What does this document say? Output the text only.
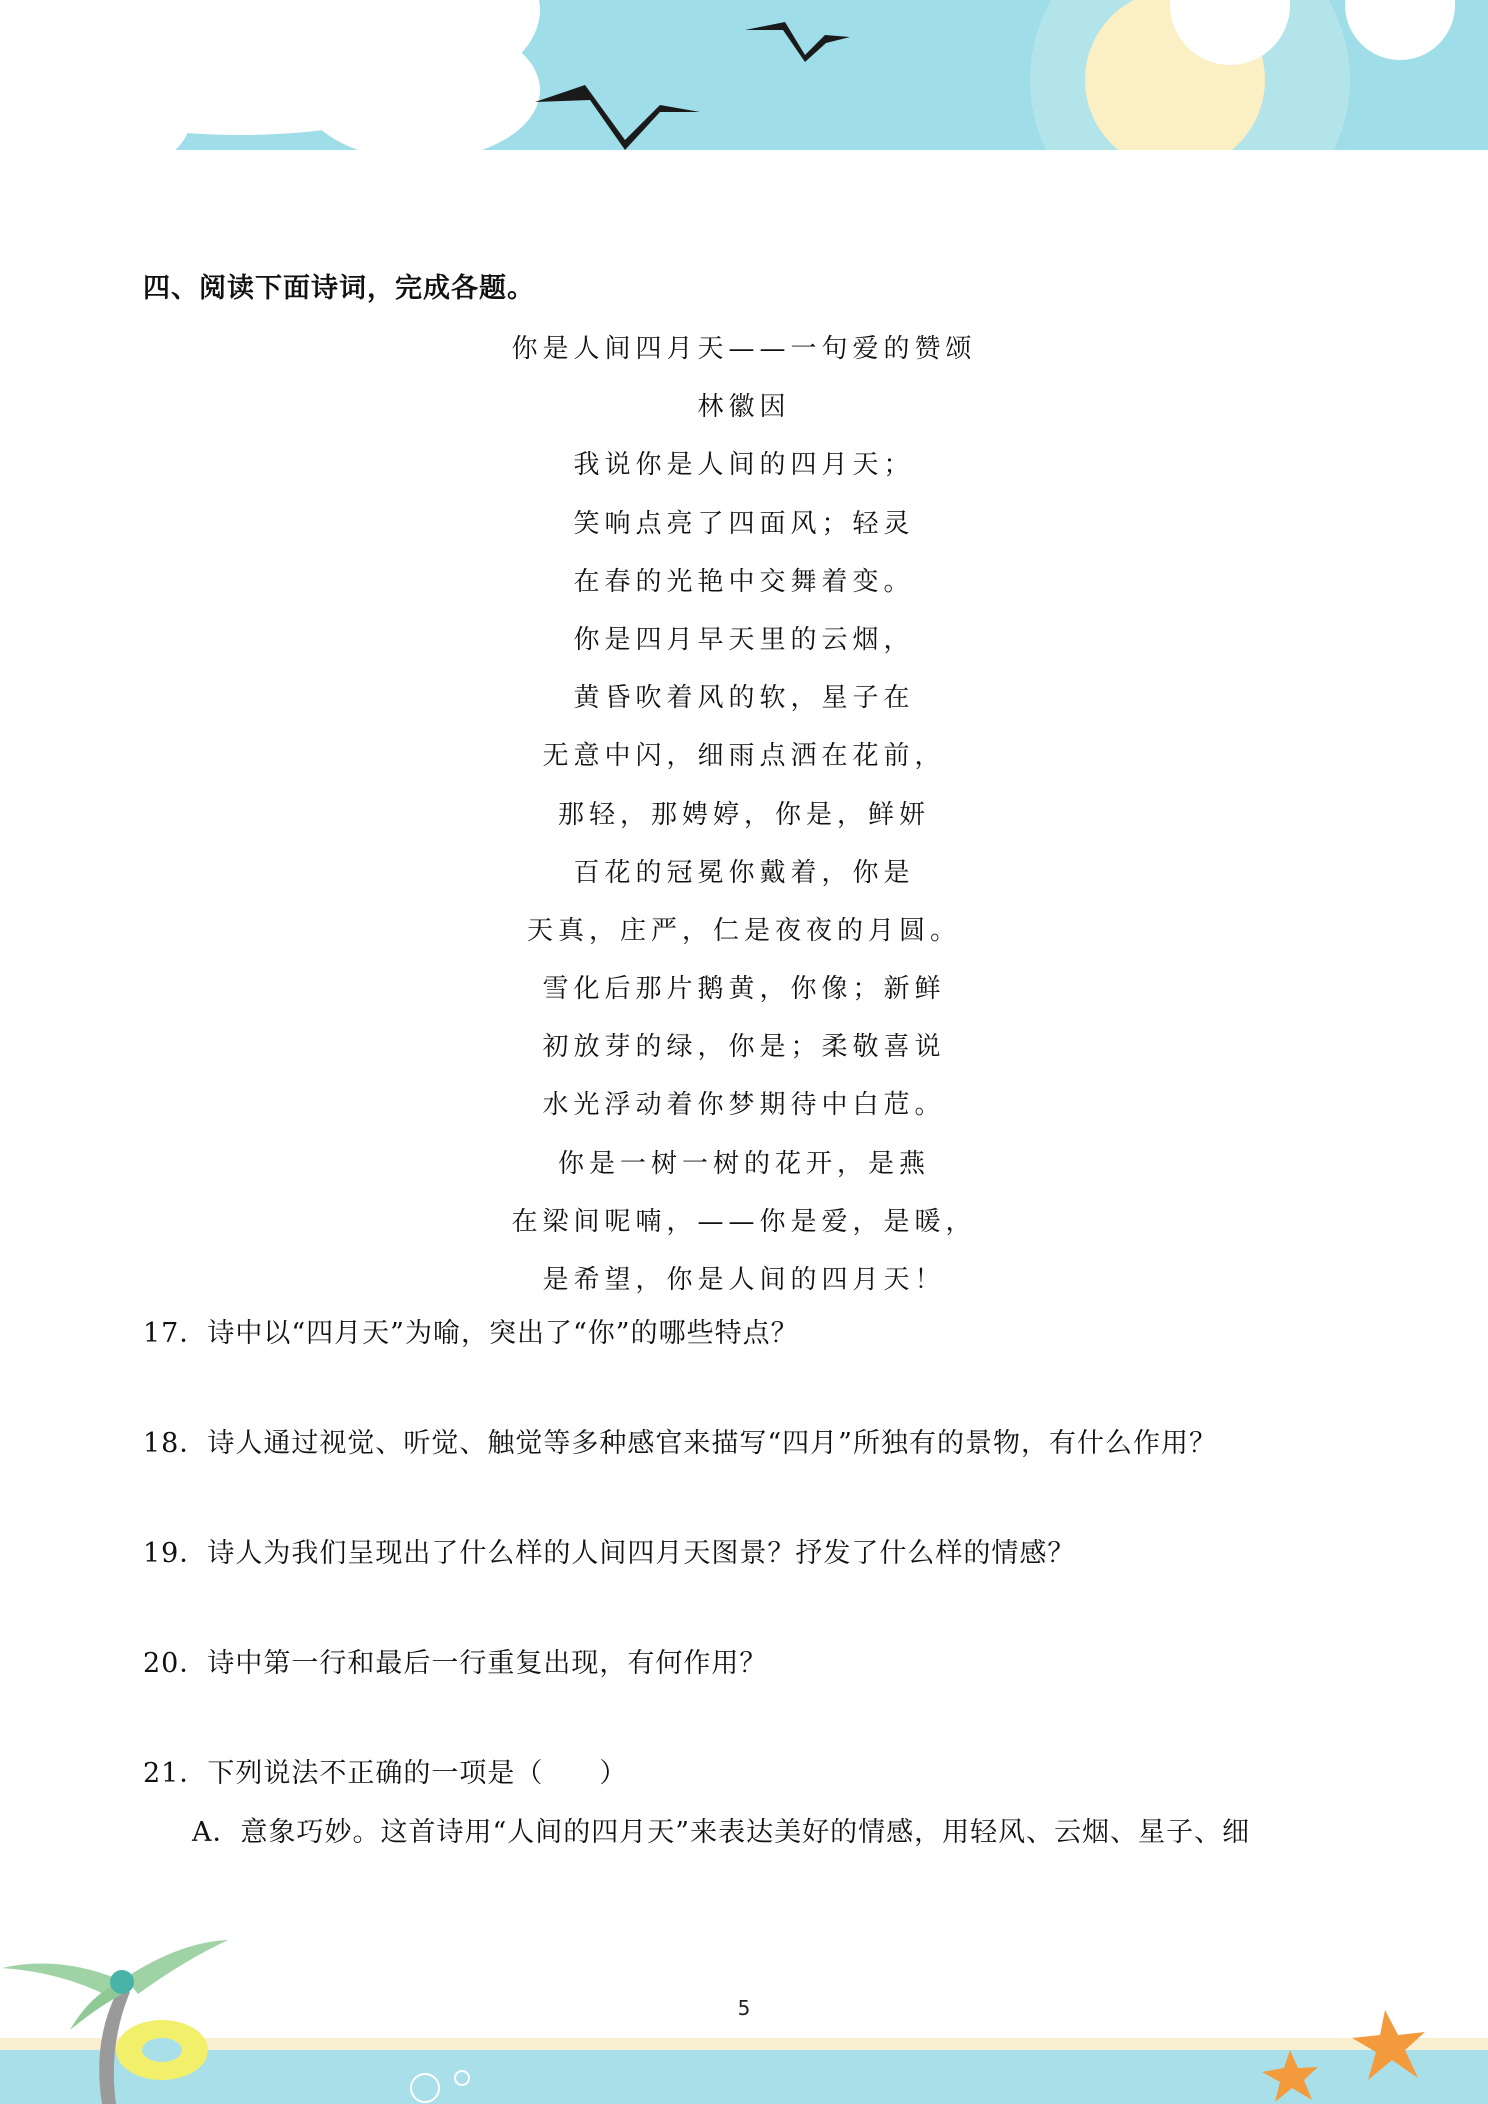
四、阅读下面诗词，完成各题。
你是人间四月天——一句爱的赞颂
林徽因
我说你是人间的四月天；
笑响点亮了四面风；轻灵
在春的光艳中交舞着变。
你是四月早天里的云烟，
黄昏吹着风的软，星子在
无意中闪，细雨点洒在花前，
那轻，那娉婷，你是，鲜妍
百花的冠冕你戴着，你是
天真，庄严，仁是夜夜的月圆。
雪化后那片鹅黄，你像；新鲜
初放芽的绿，你是；柔敬喜说
水光浮动着你梦期待中白苊。
你是一树一树的花开，是燕
在梁间呢喃，——你是爱，是暖，
是希望，你是人间的四月天！
17．诗中以“四月天”为喻，突出了“你”的哪些特点？
18．诗人通过视觉、听觉、触觉等多种感官来描写“四月”所独有的景物，有什么作用？
19．诗人为我们呈现出了什么样的人间四月天图景？抒发了什么样的情感？
20．诗中第一行和最后一行重复出现，有何作用？
21．下列说法不正确的一项是（　　）
A．意象巧妙。这首诗用“人间的四月天”来表达美好的情感，用轻风、云烟、星子、细
5
